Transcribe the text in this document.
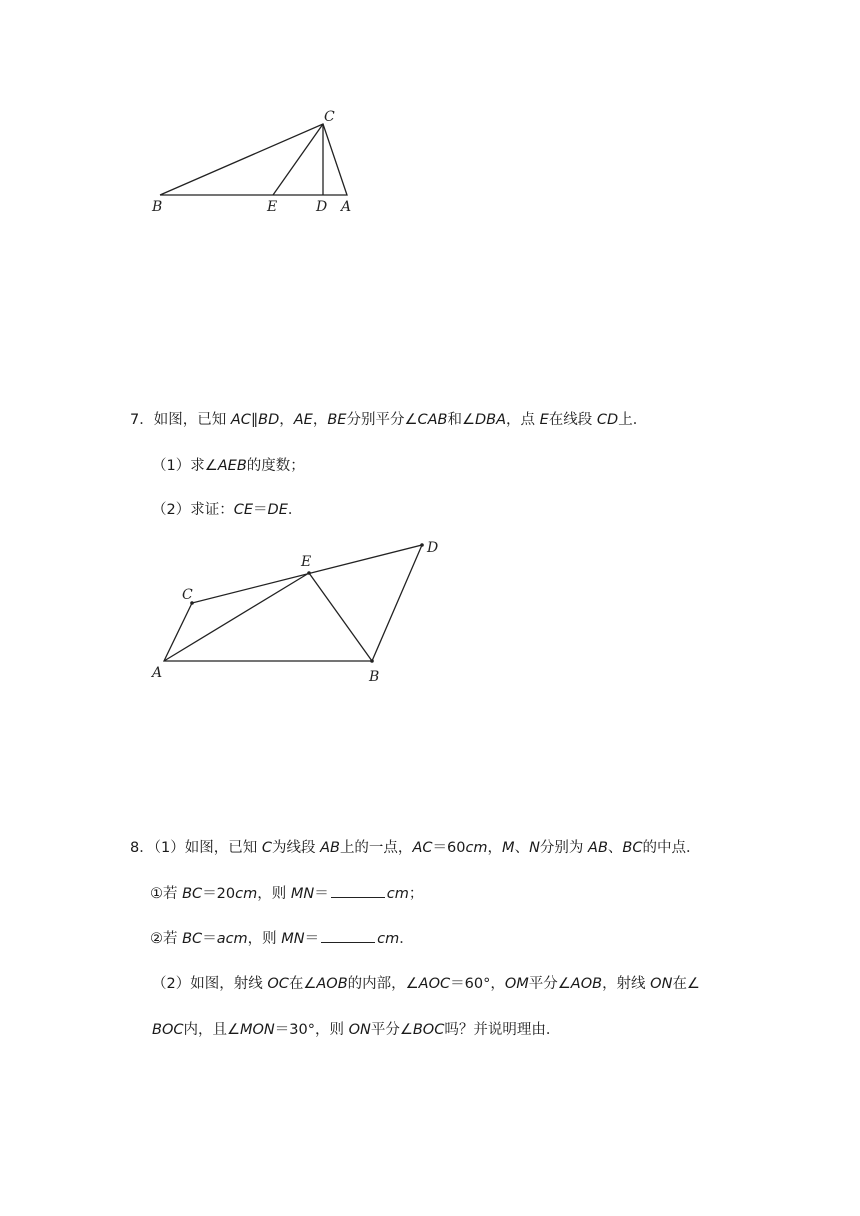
B	E	D A
C
7．如图，已知 AC∥BD，AE，BE分别平分∠CAB和∠DBA，点 E在线段 CD上．
（1）求∠AEB的度数；
（2）求证：CE＝DE．
A	B
C
D
E
8．（1）如图，已知 C为线段 AB上的一点，AC＝60cm，M、N分别为 AB、BC的中点．
①若 BC＝20cm，则 MN＝	cm；
②若 BC＝acm，则 MN＝	cm．
（2）如图，射线 OC在∠AOB的内部，∠AOC＝60°，OM平分∠AOB，射线 ON在∠
BOC内，且∠MON＝30°，则 ON平分∠BOC吗？并说明理由．
